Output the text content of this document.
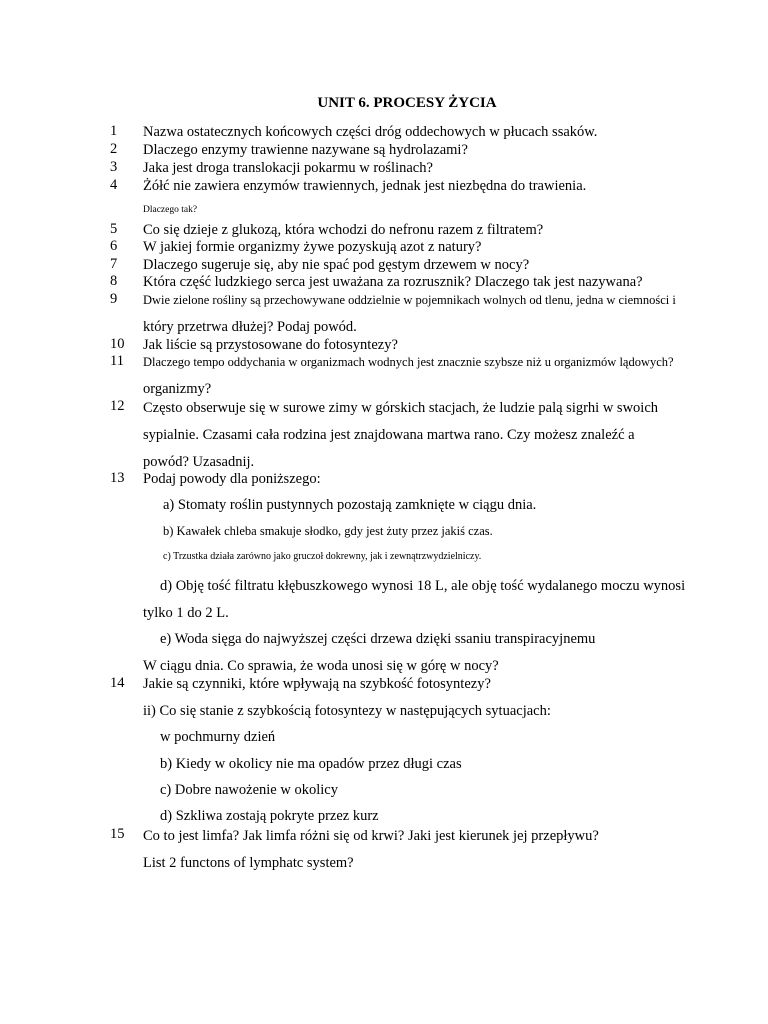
UNIT 6. PROCESY ŻYCIA
1 Nazwa ostatecznych końcowych części dróg oddechowych w płucach ssaków.
2 Dlaczego enzymy trawienne nazywane są hydrolazami?
3 Jaka jest droga translokacji pokarmu w roślinach?
4 Żółć nie zawiera enzymów trawiennych, jednak jest niezbędna do trawienia.
Dlaczego tak?
5 Co się dzieje z glukozą, która wchodzi do nefronu razem z filtratem?
6 W jakiej formie organizmy żywe pozyskują azot z natury?
7 Dlaczego sugeruje się, aby nie spać pod gęstym drzewem w nocy?
8 Która część ludzkiego serca jest uważana za rozrusznik? Dlaczego tak jest nazywana?
9 Dwie zielone rośliny są przechowywane oddzielnie w pojemnikach wolnych od tlenu, jedna w ciemności i
który przetrwa dłużej? Podaj powód.
10 Jak liście są przystosowane do fotosyntezy?
11 Dlaczego tempo oddychania w organizmach wodnych jest znacznie szybsze niż u organizmów lądowych?
organizmy?
12 Często obserwuje się w surowe zimy w górskich stacjach, że ludzie palą sigrhi w swoich
sypialnie. Czasami cała rodzina jest znajdowana martwa rano. Czy możesz znaleźć a
powód? Uzasadnij.
13 Podaj powody dla poniższego:
a) Stomaty roślin pustynnych pozostają zamknięte w ciągu dnia.
b) Kawałek chleba smakuje słodko, gdy jest żuty przez jakiś czas.
c) Trzustka działa zarówno jako gruczoł dokrewny, jak i zewnątrzwydzielniczy.
d) Obję tość filtratu kłębuszkowego wynosi 18 L, ale obję tość wydalanego moczu wynosi
tylko 1 do 2 L.
e) Woda sięga do najwyższej części drzewa dzięki ssaniu transpiracyjnemu
W ciągu dnia. Co sprawia, że woda unosi się w górę w nocy?
14 Jakie są czynniki, które wpływają na szybkość fotosyntezy?
ii) Co się stanie z szybkością fotosyntezy w następujących sytuacjach:
w pochmurny dzień
b) Kiedy w okolicy nie ma opadów przez długi czas
c) Dobre nawożenie w okolicy
d) Szkliwa zostają pokryte przez kurz
15 Co to jest limfa? Jak limfa różni się od krwi? Jaki jest kierunek jej przepływu?
List 2 functons of lymphatc system?
